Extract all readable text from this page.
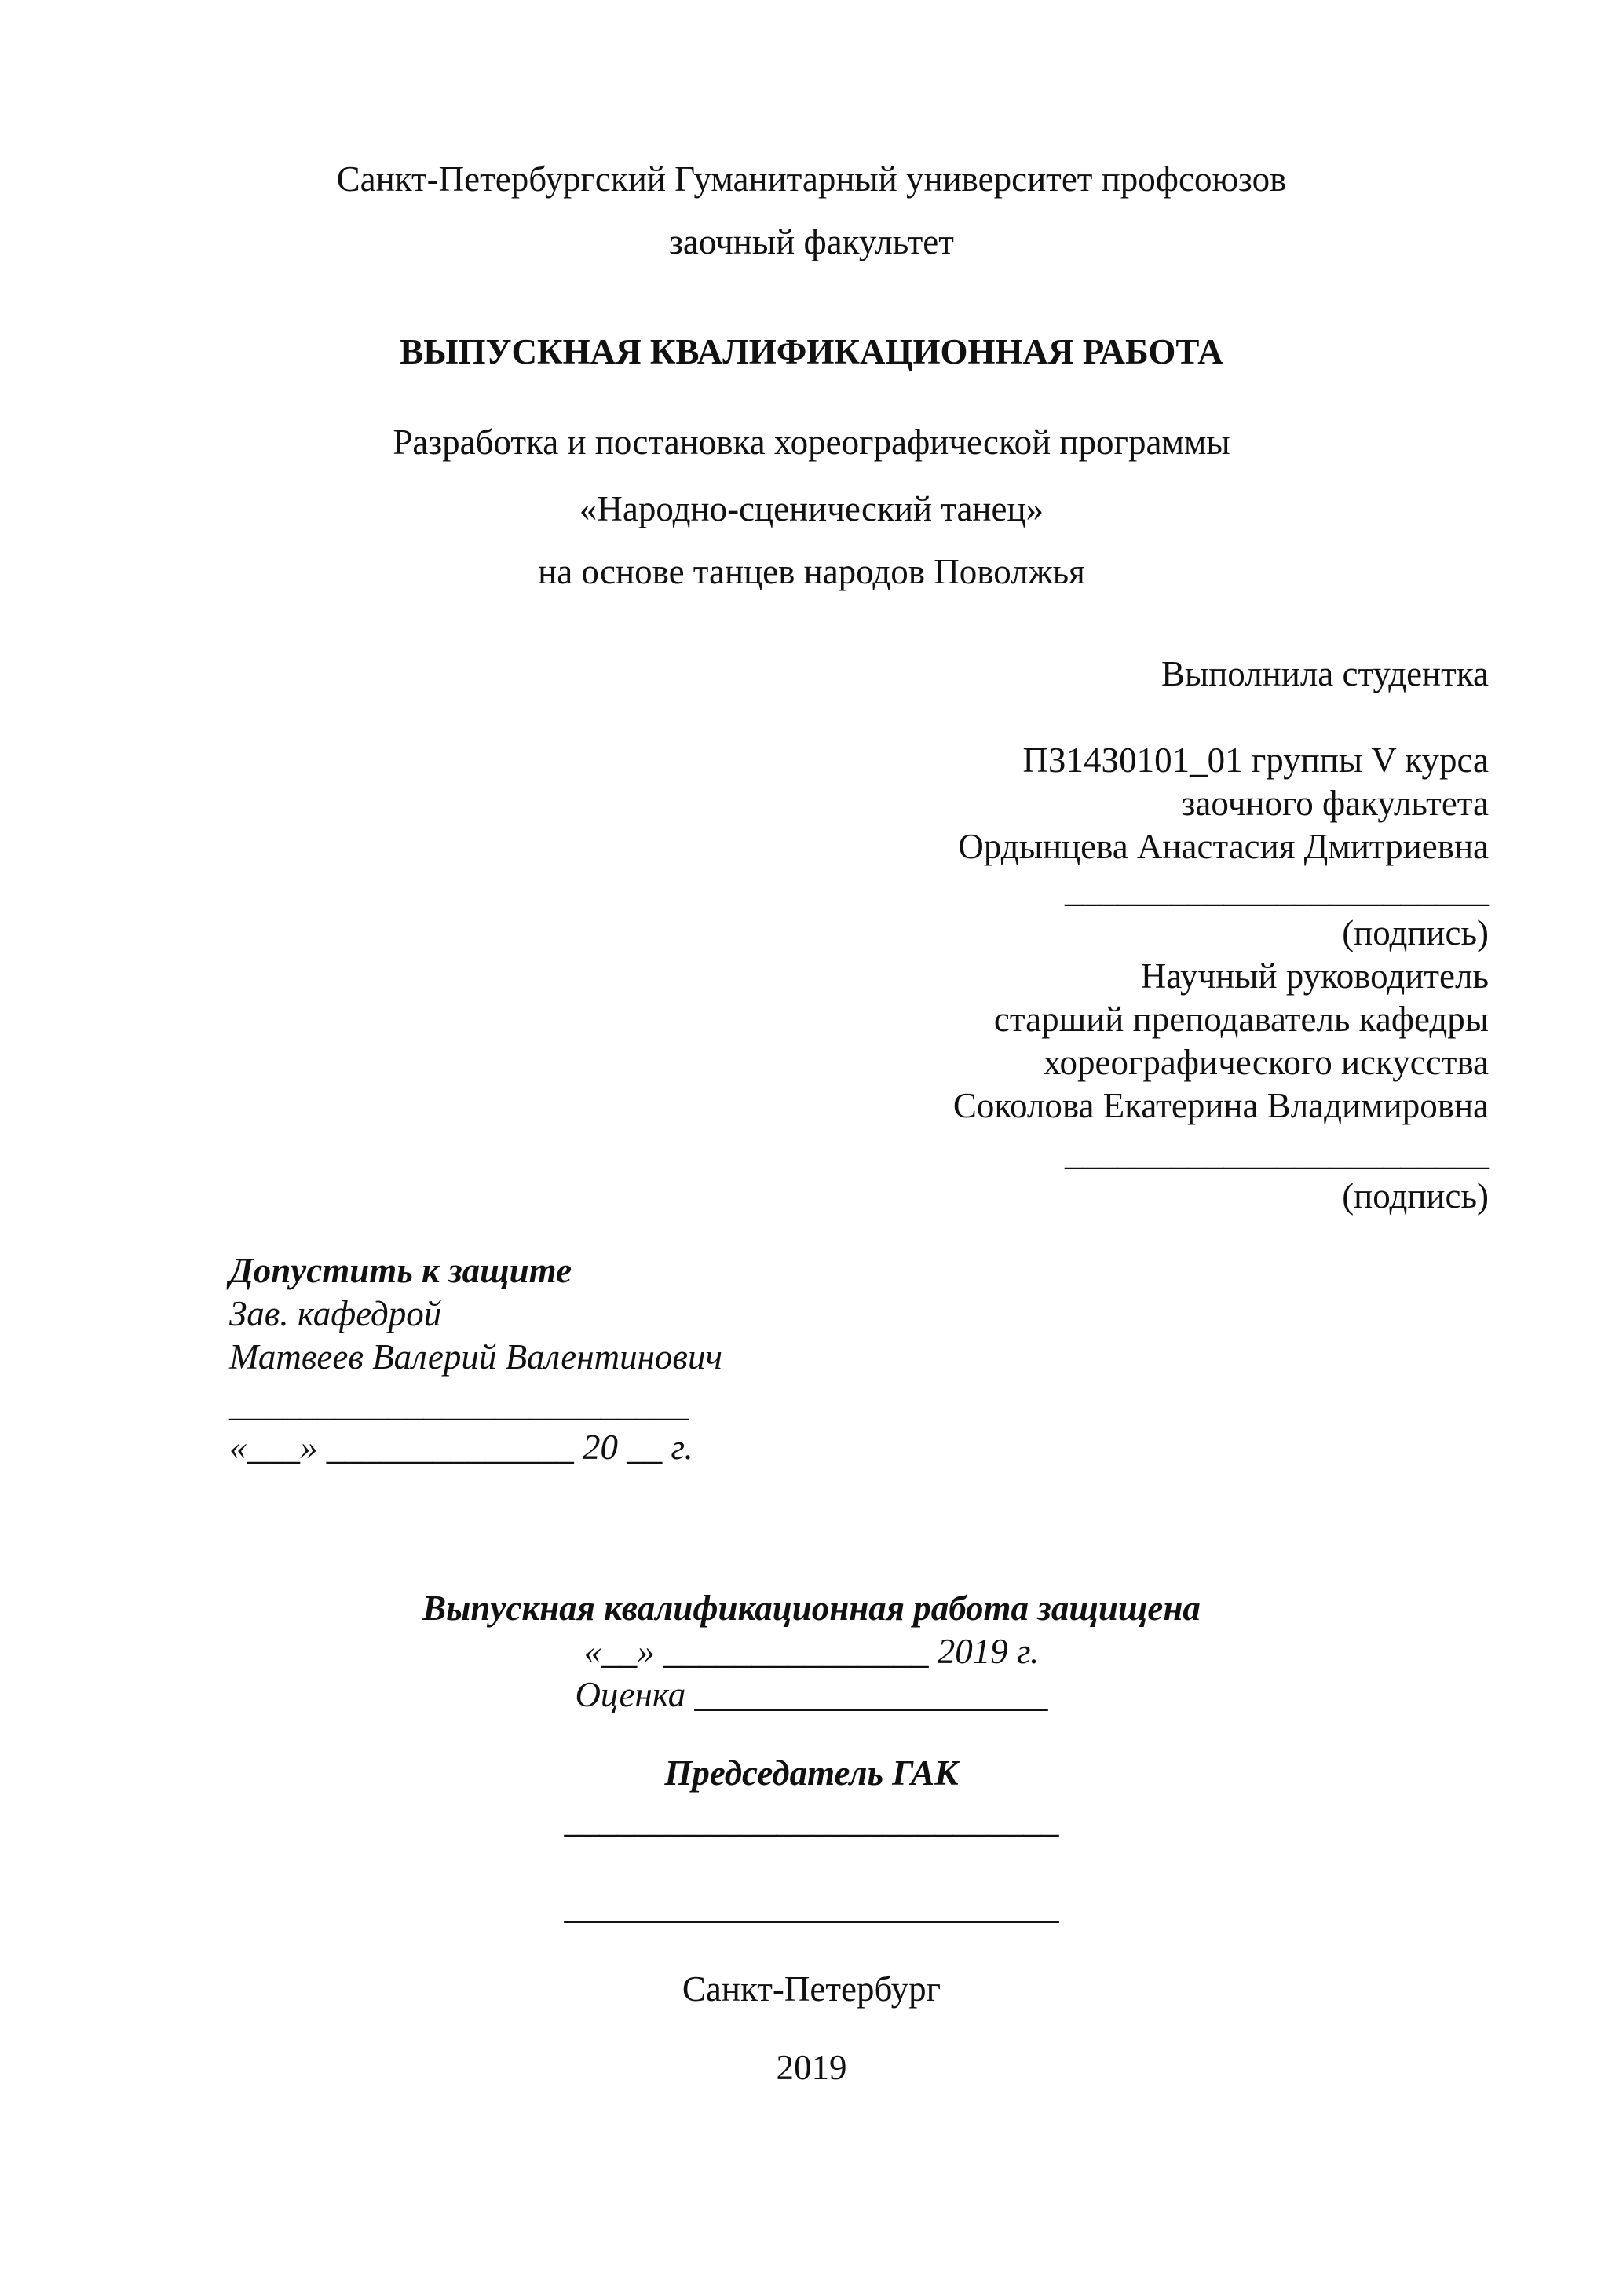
Санкт-Петербургский Гуманитарный университет профсоюзов
заочный факультет
ВЫПУСКНАЯ КВАЛИФИКАЦИОННАЯ РАБОТА
Разработка и постановка хореографической программы
«Народно-сценический танец»
на основе танцев народов Поволжья
Выполнила студентка
ПЗ14З0101_01 группы V курса
заочного факультета
Ордынцева Анастасия Дмитриевна
________________________
(подпись)
Научный руководитель
старший преподаватель кафедры
хореографического искусства
Соколова Екатерина Владимировна
________________________
(подпись)
Допустить к защите
Зав. кафедрой
Матвеев Валерий Валентинович
__________________________
«___» ______________ 20 __ г.
Выпускная квалификационная работа защищена
«__» _______________ 2019 г.
Оценка ____________________
Председатель ГАК
____________________________
____________________________
Санкт-Петербург
2019
